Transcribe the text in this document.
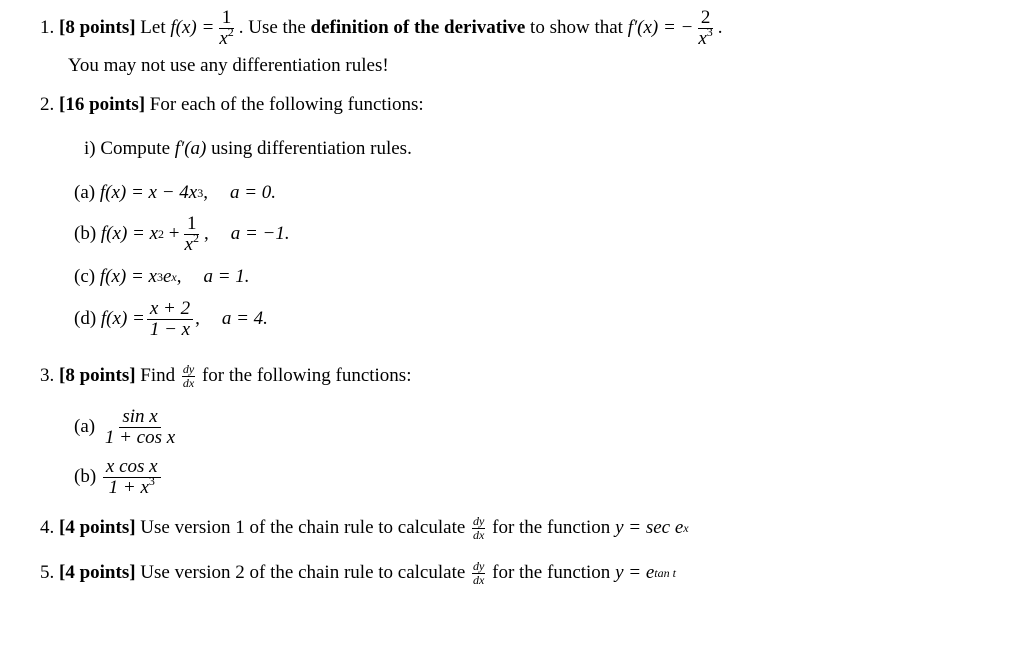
1.
[8 points]
Let
$f(x) = \frac{1}{x^2}$ . Use the
definition of the derivative
to show that
f′(x) = − $\frac{2}{x^3}$ .
You may not use any differentiation rules!
2.
[16 points]
For each of the following functions:
i)
Compute
f′(a)
using differentiation rules.
(a)
f(x) = x − 4x 3 , a = 0.
(b)
f(x) = x 2
+ $\frac{1}{x^2}$ , a = −1.
(c)
f(x) = x 3 e x , a = 1.
(d)
$f(x) = \frac{x + 2}{1 - x}$ , a = 4.
3.
[8 points]
Find
$\frac{dy}{dx}$
for the following functions:
(a)
$\frac{\text{sin x}}{\text{1 + cos x}}$
(b)
$\frac{\text{x cos x}}{1 + x^3}$
4.
[4 points]
Use version 1 of the chain rule to calculate
$\frac{dy}{dx}$
for the function
y = sec e x
5.
[4 points]
Use version 2 of the chain rule to calculate
$\frac{dy}{dx}$
for the function
y = e tan t
